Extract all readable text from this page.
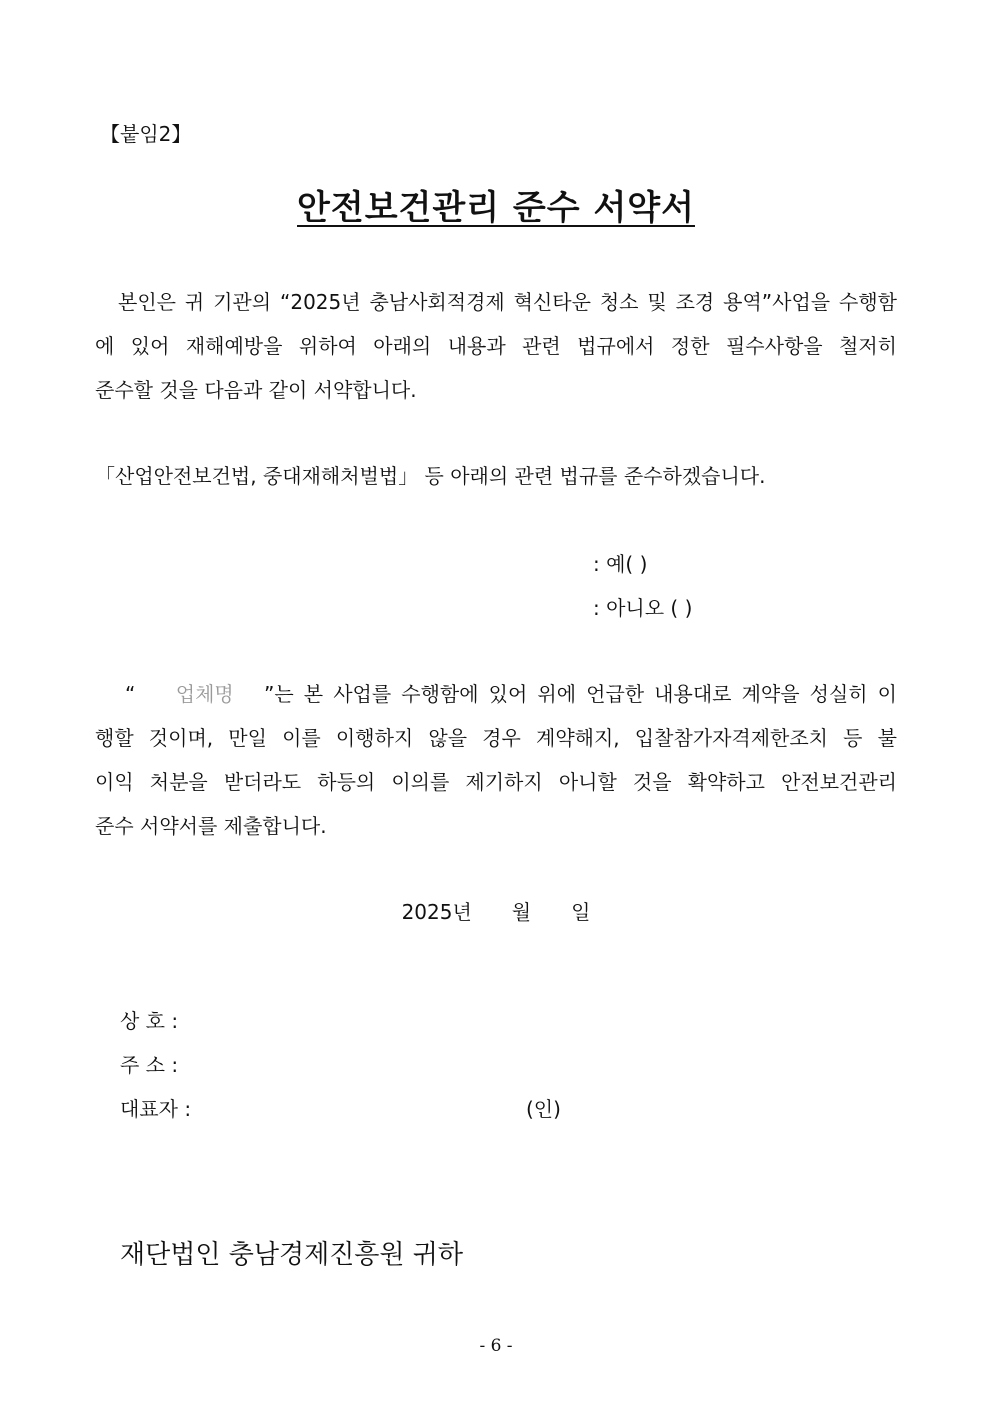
【붙임2】
안전보건관리 준수 서약서
본인은 귀 기관의 “2025년 충남사회적경제 혁신타운 청소 및 조경 용역”사업을 수행함
에 있어 재해예방을 위하여 아래의 내용과 관련 법규에서 정한 필수사항을 철저히
준수할 것을 다음과 같이 서약합니다.
「산업안전보건법, 중대재해처벌법」 등 아래의 관련 법규를 준수하겠습니다.
: 예( )
: 아니오 ( )
“ 업체명 ”는 본 사업를 수행함에 있어 위에 언급한 내용대로 계약을 성실히 이
행할 것이며, 만일 이를 이행하지 않을 경우 계약해지, 입찰참가자격제한조치 등 불
이익 처분을 받더라도 하등의 이의를 제기하지 아니할 것을 확약하고 안전보건관리
준수 서약서를 제출합니다.
2025년 월 일
상 호 :
주 소 :
대표자 :	(인)
재단법인 충남경제진흥원 귀하
- 6 -
